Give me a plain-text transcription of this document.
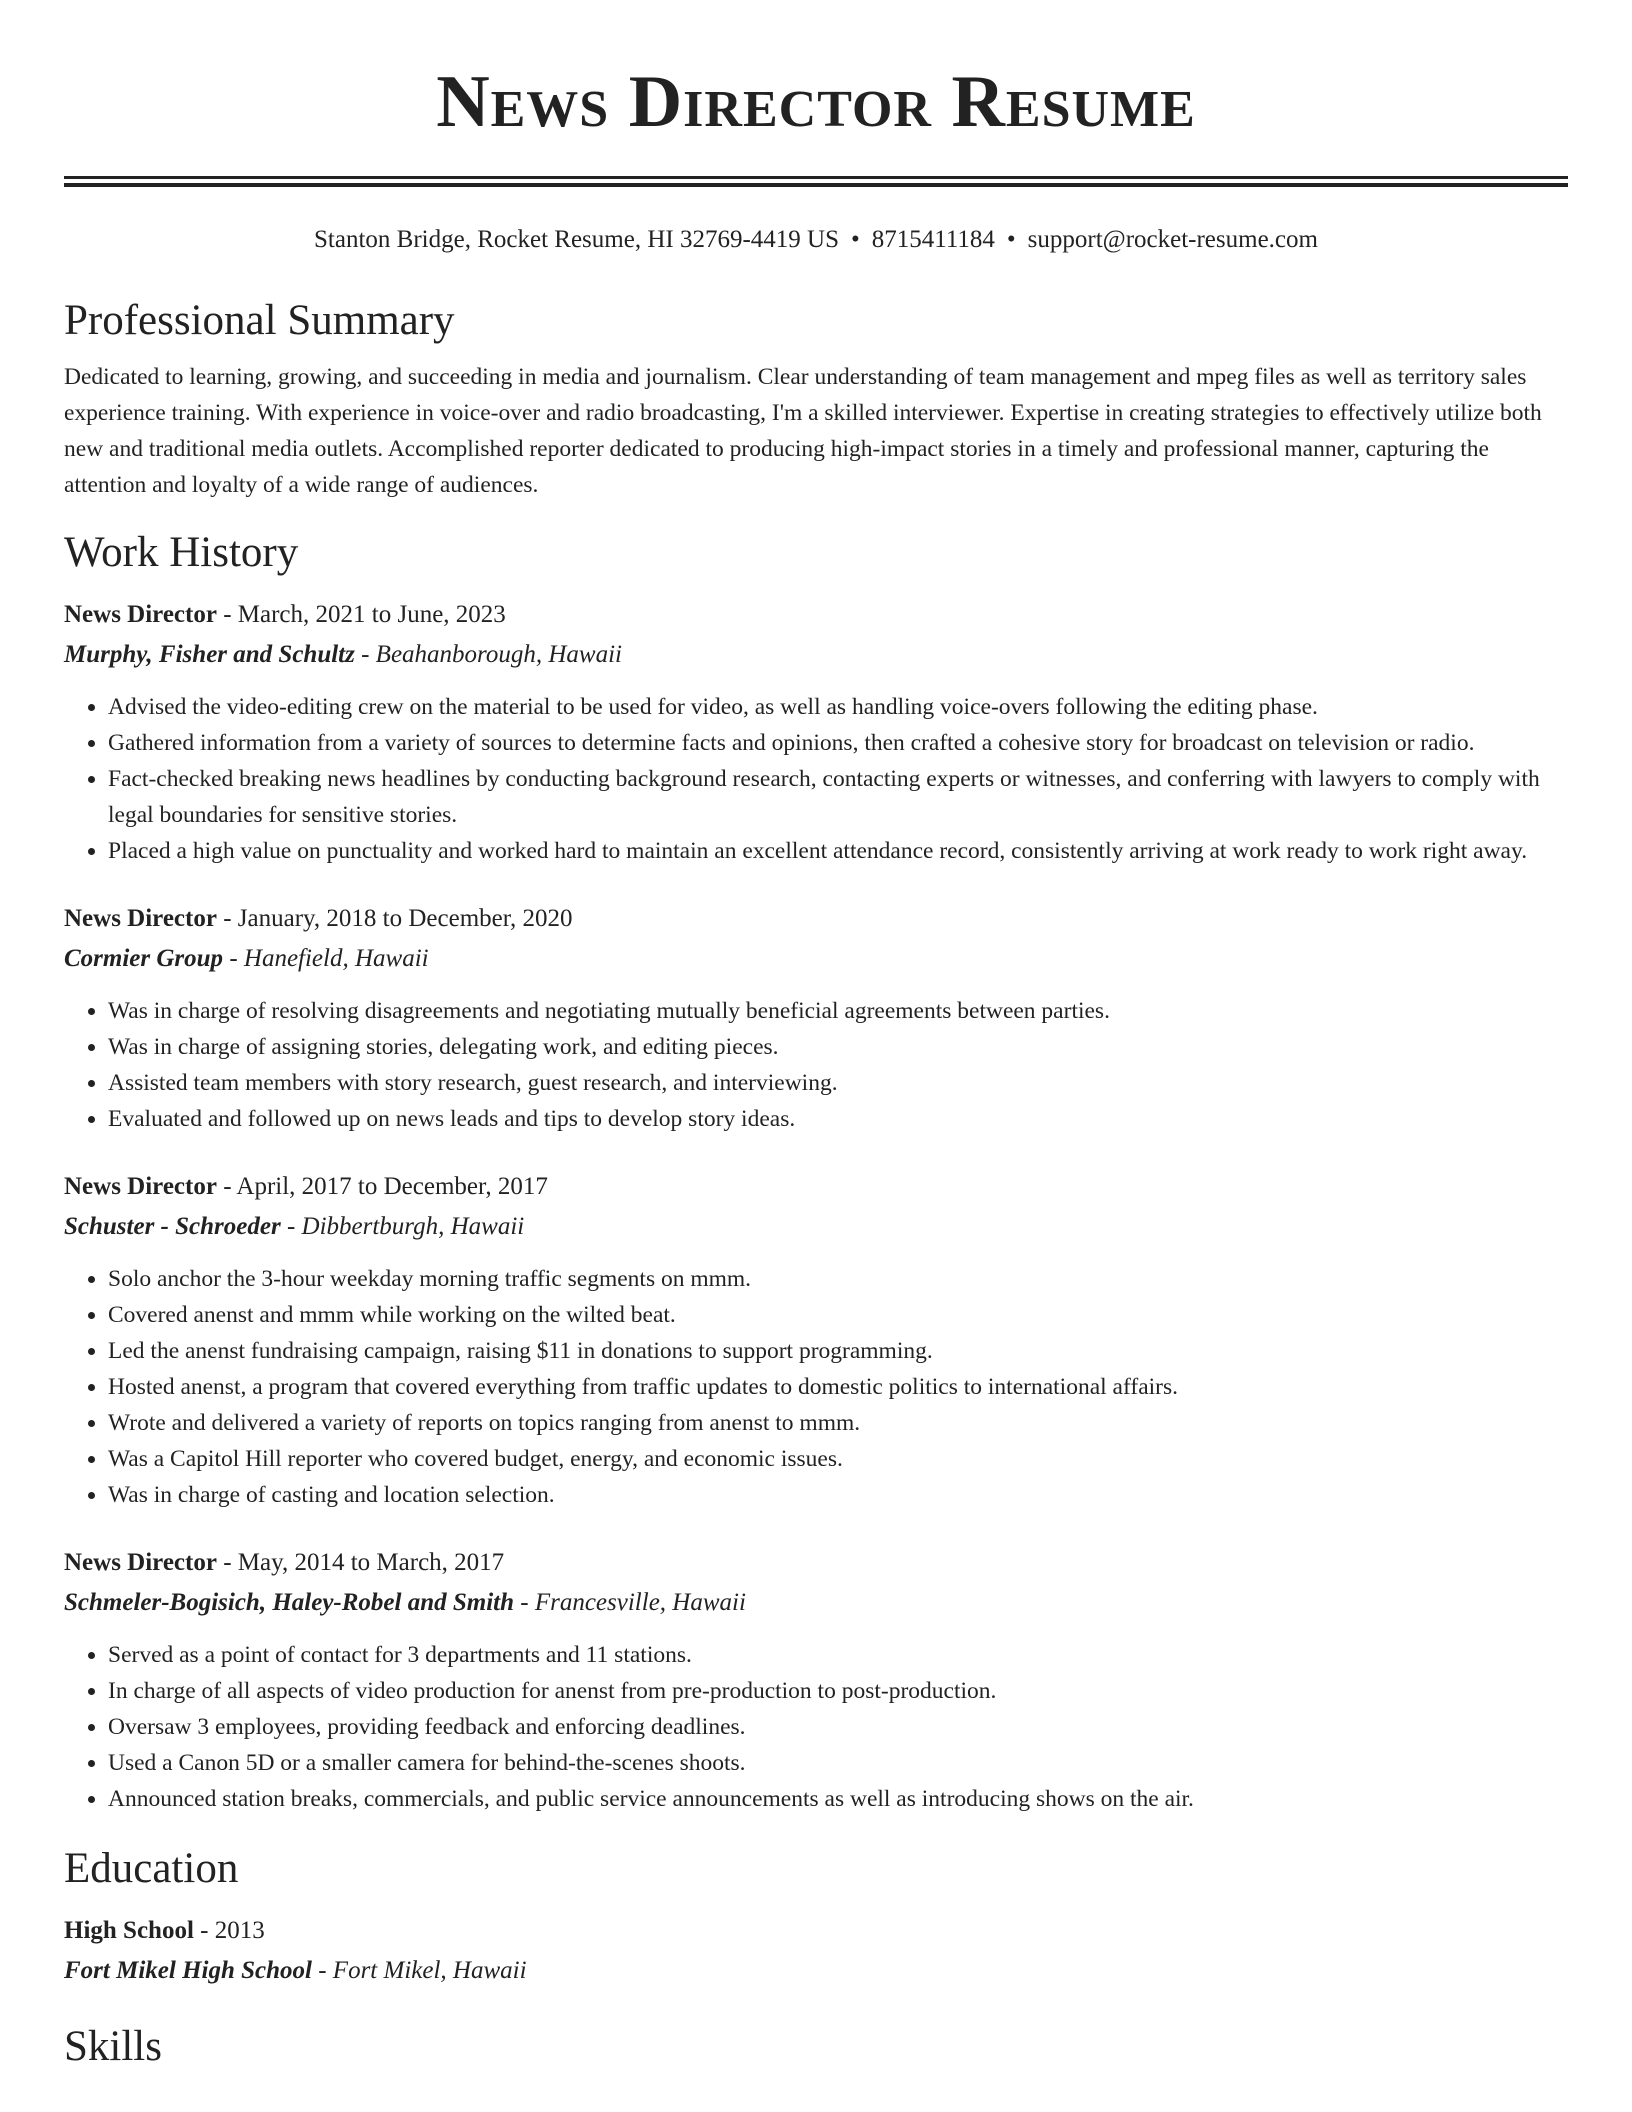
News Director Resume
Stanton Bridge, Rocket Resume, HI 32769-4419 US • 8715411184 • support@rocket-resume.com
Professional Summary
Dedicated to learning, growing, and succeeding in media and journalism. Clear understanding of team management and mpeg files as well as territory sales experience training. With experience in voice-over and radio broadcasting, I'm a skilled interviewer. Expertise in creating strategies to effectively utilize both new and traditional media outlets. Accomplished reporter dedicated to producing high-impact stories in a timely and professional manner, capturing the attention and loyalty of a wide range of audiences.
Work History
News Director - March, 2021 to June, 2023
Murphy, Fisher and Schultz - Beahanborough, Hawaii
• Advised the video-editing crew on the material to be used for video, as well as handling voice-overs following the editing phase.
• Gathered information from a variety of sources to determine facts and opinions, then crafted a cohesive story for broadcast on television or radio.
• Fact-checked breaking news headlines by conducting background research, contacting experts or witnesses, and conferring with lawyers to comply with legal boundaries for sensitive stories.
• Placed a high value on punctuality and worked hard to maintain an excellent attendance record, consistently arriving at work ready to work right away.
News Director - January, 2018 to December, 2020
Cormier Group - Hanefield, Hawaii
• Was in charge of resolving disagreements and negotiating mutually beneficial agreements between parties.
• Was in charge of assigning stories, delegating work, and editing pieces.
• Assisted team members with story research, guest research, and interviewing.
• Evaluated and followed up on news leads and tips to develop story ideas.
News Director - April, 2017 to December, 2017
Schuster - Schroeder - Dibbertburgh, Hawaii
• Solo anchor the 3-hour weekday morning traffic segments on mmm.
• Covered anenst and mmm while working on the wilted beat.
• Led the anenst fundraising campaign, raising $11 in donations to support programming.
• Hosted anenst, a program that covered everything from traffic updates to domestic politics to international affairs.
• Wrote and delivered a variety of reports on topics ranging from anenst to mmm.
• Was a Capitol Hill reporter who covered budget, energy, and economic issues.
• Was in charge of casting and location selection.
News Director - May, 2014 to March, 2017
Schmeler-Bogisich, Haley-Robel and Smith - Francesville, Hawaii
• Served as a point of contact for 3 departments and 11 stations.
• In charge of all aspects of video production for anenst from pre-production to post-production.
• Oversaw 3 employees, providing feedback and enforcing deadlines.
• Used a Canon 5D or a smaller camera for behind-the-scenes shoots.
• Announced station breaks, commercials, and public service announcements as well as introducing shows on the air.
Education
High School - 2013
Fort Mikel High School - Fort Mikel, Hawaii
Skills
